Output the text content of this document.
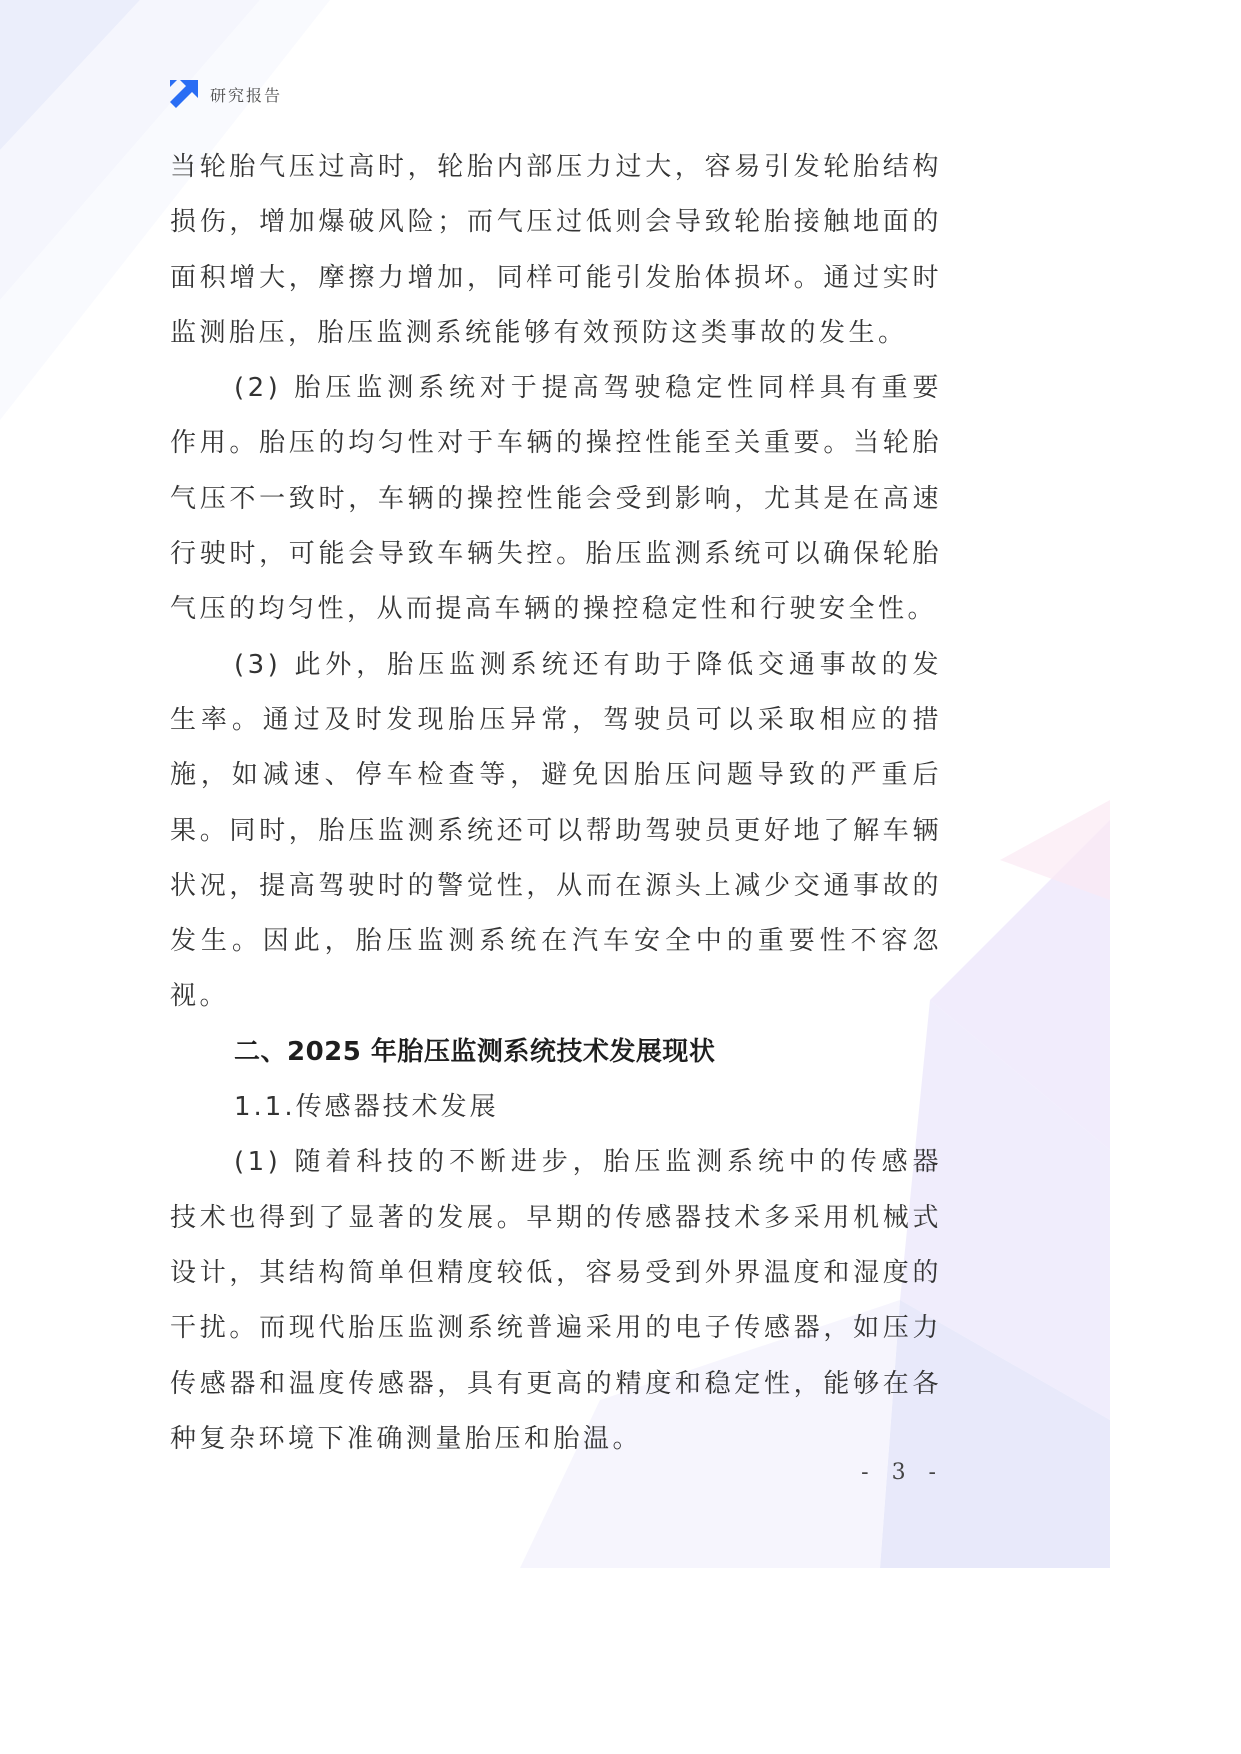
研究报告

当轮胎气压过高时，轮胎内部压力过大，容易引发轮胎结构损伤，增加爆破风险；而气压过低则会导致轮胎接触地面的面积增大，摩擦力增加，同样可能引发胎体损坏。通过实时监测胎压，胎压监测系统能够有效预防这类事故的发生。

(2) 胎压监测系统对于提高驾驶稳定性同样具有重要作用。胎压的均匀性对于车辆的操控性能至关重要。当轮胎气压不一致时，车辆的操控性能会受到影响，尤其是在高速行驶时，可能会导致车辆失控。胎压监测系统可以确保轮胎气压的均匀性，从而提高车辆的操控稳定性和行驶安全性。

(3) 此外，胎压监测系统还有助于降低交通事故的发生率。通过及时发现胎压异常，驾驶员可以采取相应的措施，如减速、停车检查等，避免因胎压问题导致的严重后果。同时，胎压监测系统还可以帮助驾驶员更好地了解车辆状况，提高驾驶时的警觉性，从而在源头上减少交通事故的发生。因此，胎压监测系统在汽车安全中的重要性不容忽视。

二、2025 年胎压监测系统技术发展现状

1.1.传感器技术发展

(1) 随着科技的不断进步，胎压监测系统中的传感器技术也得到了显著的发展。早期的传感器技术多采用机械式设计，其结构简单但精度较低，容易受到外界温度和湿度的干扰。而现代胎压监测系统普遍采用的电子传感器，如压力传感器和温度传感器，具有更高的精度和稳定性，能够在各种复杂环境下准确测量胎压和胎温。

- 3 -
